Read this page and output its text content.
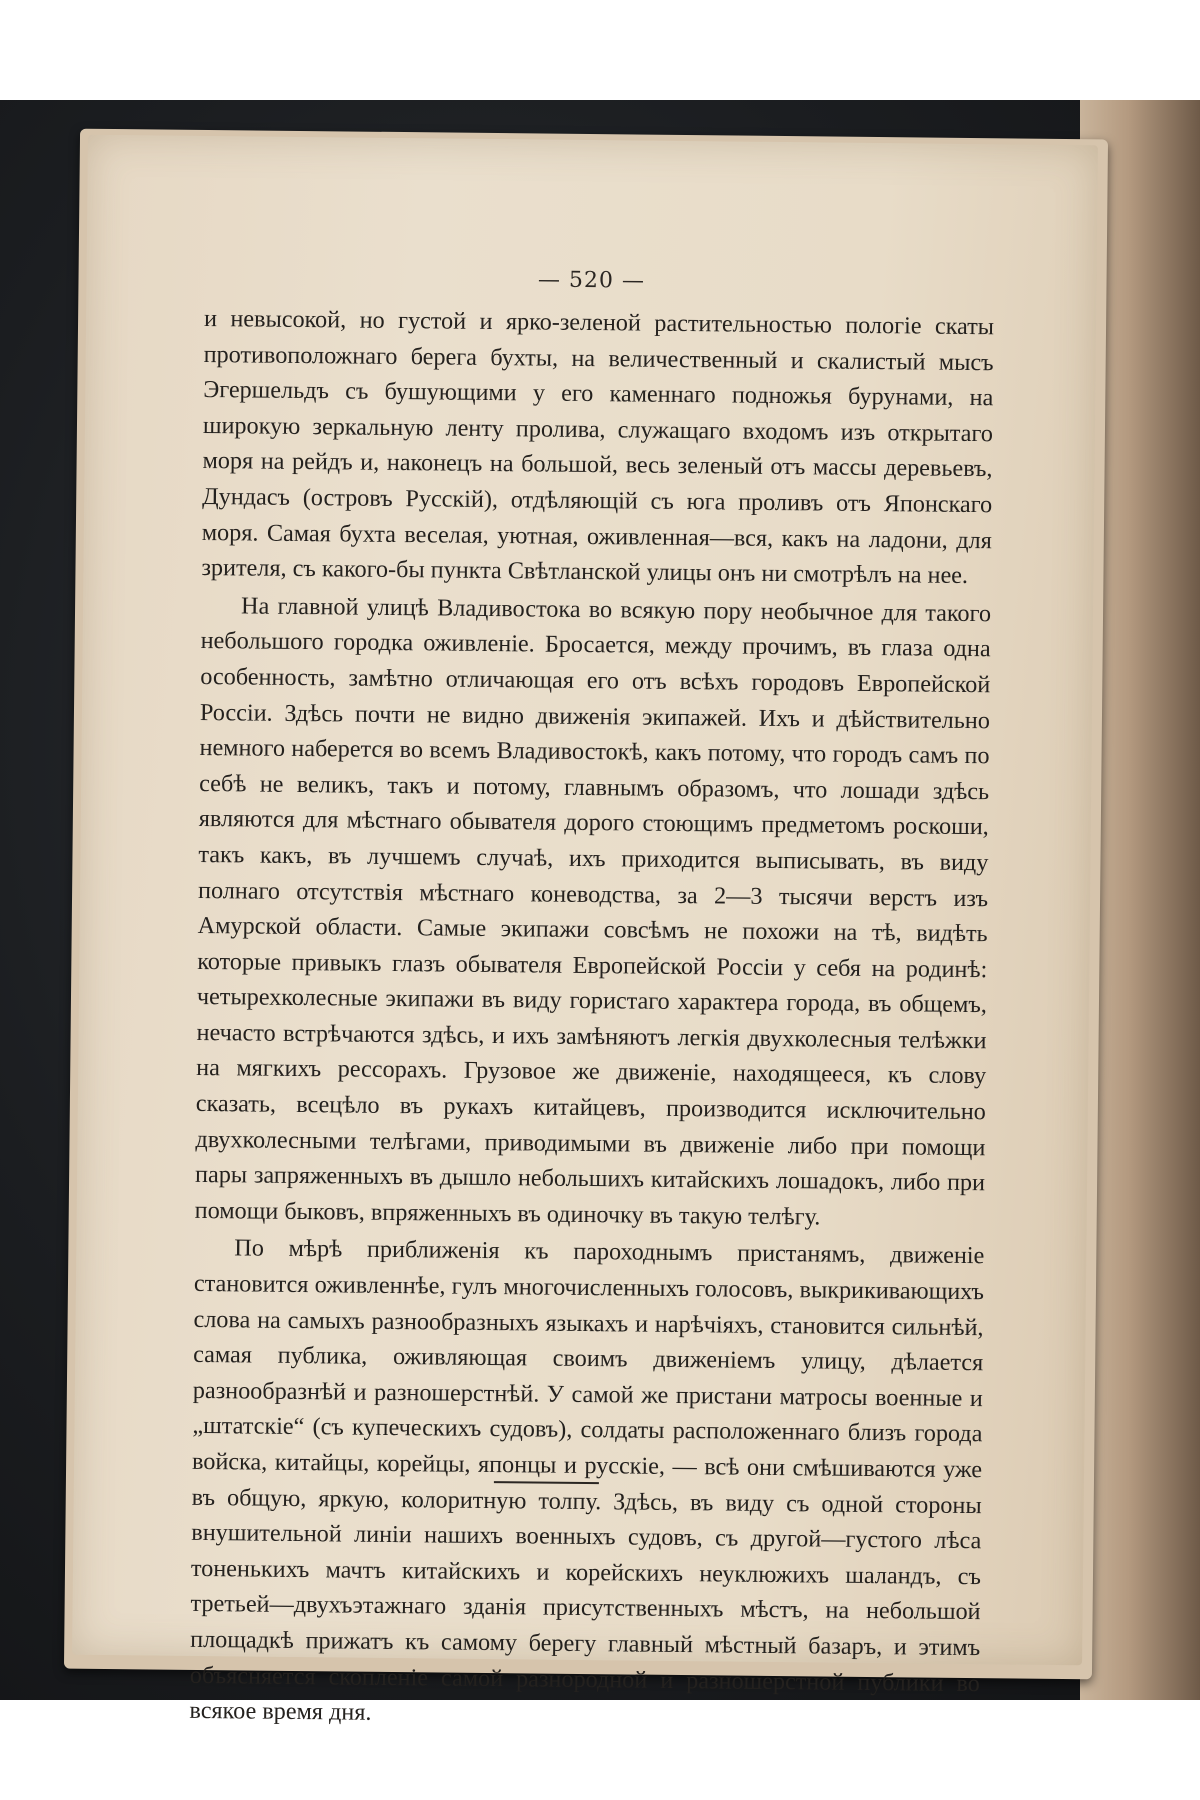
— 520 —

и невысокой, но густой и ярко-зеленой растительностью пологіе скаты противоположнаго берега бухты, на величественный и скалистый мысъ Эгершельдъ съ бушующими у его каменнаго подножья бурунами, на широкую зеркальную ленту пролива, служащаго входомъ изъ открытаго моря на рейдъ и, наконецъ на большой, весь зеленый отъ массы деревьевъ, Дундасъ (островъ Русскій), отдѣляющій съ юга проливъ отъ Японскаго моря. Самая бухта веселая, уютная, оживленная—вся, какъ на ладони, для зрителя, съ какого-бы пункта Свѣтланской улицы онъ ни смотрѣлъ на нее.

На главной улицѣ Владивостока во всякую пору необычное для такого небольшого городка оживленіе. Бросается, между прочимъ, въ глаза одна особенность, замѣтно отличающая его отъ всѣхъ городовъ Европейской Россіи. Здѣсь почти не видно движенія экипажей. Ихъ и дѣйствительно немного наберется во всемъ Владивостокѣ, какъ потому, что городъ самъ по себѣ не великъ, такъ и потому, главнымъ образомъ, что лошади здѣсь являются для мѣстнаго обывателя дорого стоющимъ предметомъ роскоши, такъ какъ, въ лучшемъ случаѣ, ихъ приходится выписывать, въ виду полнаго отсутствія мѣстнаго коневодства, за 2—3 тысячи верстъ изъ Амурской области. Самые экипажи совсѣмъ не похожи на тѣ, видѣть которые привыкъ глазъ обывателя Европейской Россіи у себя на родинѣ: четырехколесные экипажи въ виду гористаго характера города, въ общемъ, нечасто встрѣчаются здѣсь, и ихъ замѣняютъ легкія двухколесныя телѣжки на мягкихъ рессорахъ. Грузовое же движеніе, находящееся, къ слову сказать, всецѣло въ рукахъ китайцевъ, производится исключительно двухколесными телѣгами, приводимыми въ движеніе либо при помощи пары запряженныхъ въ дышло небольшихъ китайскихъ лошадокъ, либо при помощи быковъ, впряженныхъ въ одиночку въ такую телѣгу.

По мѣрѣ приближенія къ пароходнымъ пристанямъ, движеніе становится оживленнѣе, гулъ многочисленныхъ голосовъ, выкрикивающихъ слова на самыхъ разнообразныхъ языкахъ и нарѣчіяхъ, становится сильнѣй, самая публика, оживляющая своимъ движеніемъ улицу, дѣлается разнообразнѣй и разношерстнѣй. У самой же пристани матросы военные и „штатскіе“ (съ купеческихъ судовъ), солдаты расположеннаго близъ города войска, китайцы, корейцы, японцы и русскіе, — всѣ они смѣшиваются уже въ общую, яркую, колоритную толпу. Здѣсь, въ виду съ одной стороны внушительной линіи нашихъ военныхъ судовъ, съ другой—густого лѣса тоненькихъ мачтъ китайскихъ и корейскихъ неуклюжихъ шаландъ, съ третьей—двухъэтажнаго зданія присутственныхъ мѣстъ, на небольшой площадкѣ прижатъ къ самому берегу главный мѣстный базаръ, и этимъ объясняется скопленіе самой разнородной и разношерстной публики во всякое время дня.
